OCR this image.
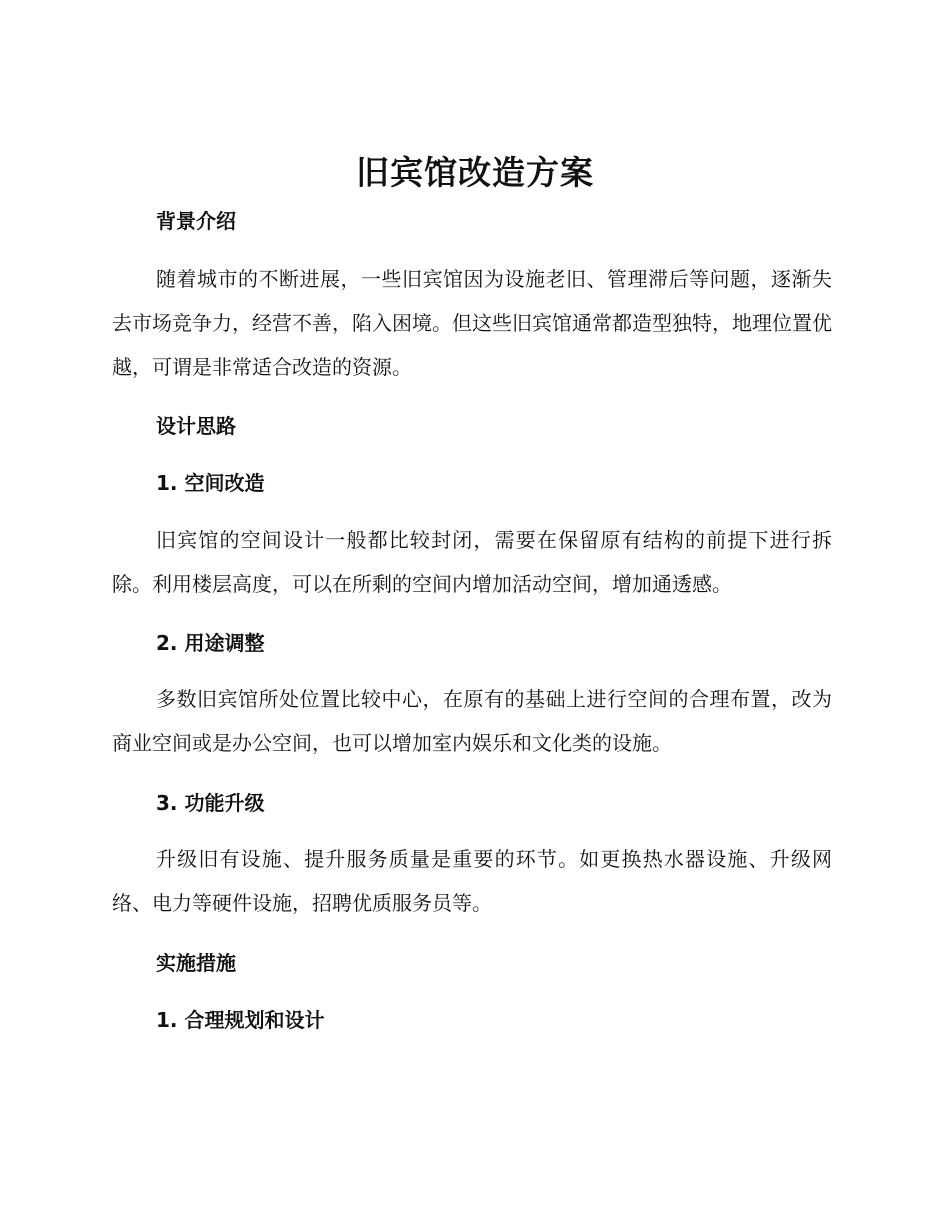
旧宾馆改造方案
背景介绍
随着城市的不断进展，一些旧宾馆因为设施老旧、管理滞后等问题，逐渐失去市场竞争力，经营不善，陷入困境。但这些旧宾馆通常都造型独特，地理位置优越，可谓是非常适合改造的资源。
设计思路
1. 空间改造
旧宾馆的空间设计一般都比较封闭，需要在保留原有结构的前提下进行拆除。利用楼层高度，可以在所剩的空间内增加活动空间，增加通透感。
2. 用途调整
多数旧宾馆所处位置比较中心，在原有的基础上进行空间的合理布置，改为商业空间或是办公空间，也可以增加室内娱乐和文化类的设施。
3. 功能升级
升级旧有设施、提升服务质量是重要的环节。如更换热水器设施、升级网络、电力等硬件设施，招聘优质服务员等。
实施措施
1. 合理规划和设计
